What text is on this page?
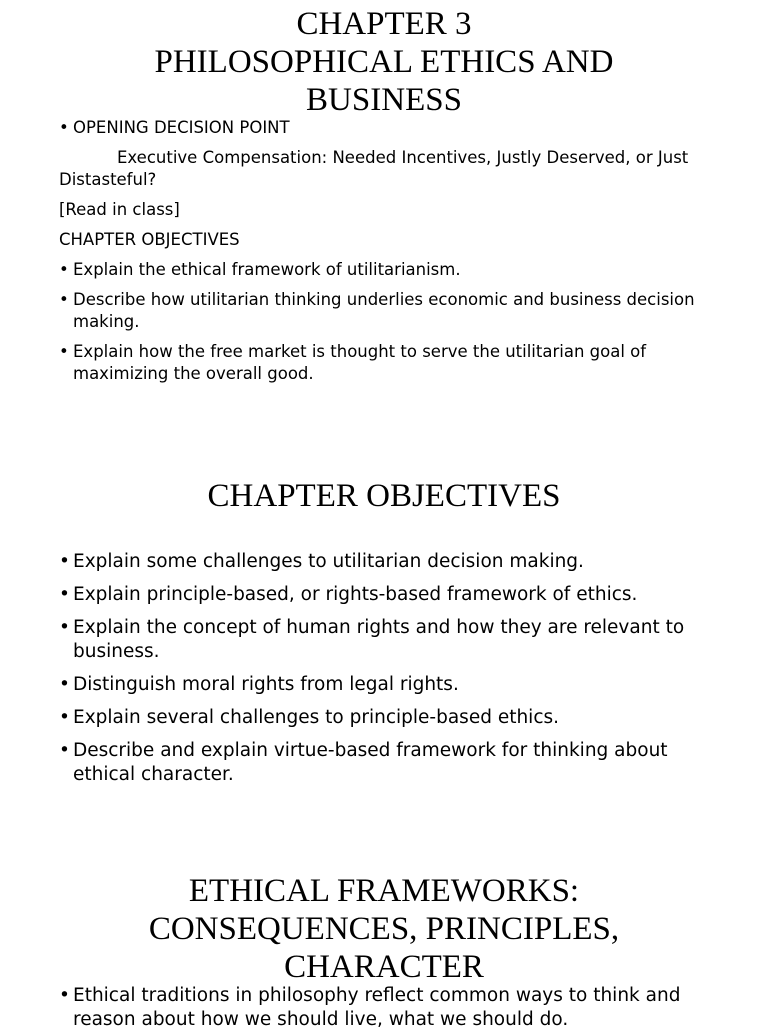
CHAPTER 3
PHILOSOPHICAL ETHICS AND
BUSINESS
• OPENING DECISION POINT
Executive Compensation: Needed Incentives, Justly Deserved, or Just Distasteful?
[Read in class]
CHAPTER OBJECTIVES
• Explain the ethical framework of utilitarianism.
• Describe how utilitarian thinking underlies economic and business decision making.
• Explain how the free market is thought to serve the utilitarian goal of maximizing the overall good.
CHAPTER OBJECTIVES
• Explain some challenges to utilitarian decision making.
• Explain principle-based, or rights-based framework of ethics.
• Explain the concept of human rights and how they are relevant to business.
• Distinguish moral rights from legal rights.
• Explain several challenges to principle-based ethics.
• Describe and explain virtue-based framework for thinking about ethical character.
ETHICAL FRAMEWORKS:
CONSEQUENCES, PRINCIPLES,
CHARACTER
• Ethical traditions in philosophy reflect common ways to think and reason about how we should live, what we should do.
